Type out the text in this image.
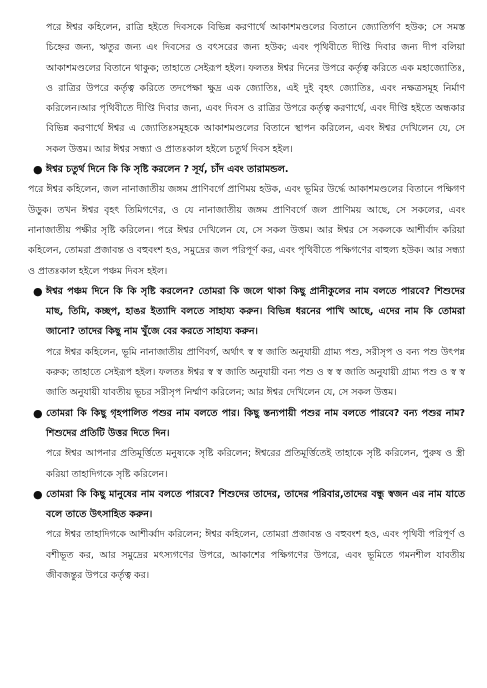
পরে ঈশ্বর কহিলেন, রাত্রি হইতে দিবসকে বিভিন্ন করণার্থে আকাশমণ্ডলের বিতানে জ্যোতির্গণ হউক; সে সমস্ত চিহ্নের জন্য, ঋতুর জন্য এং দিবসের ও বৎসরের জন্য হউক; এবং পৃথিবীতে দীপ্তি দিবার জন্য দীপ বলিয়া আকাশমণ্ডলের বিতানে থাকুক; তাহাতে সেইরূপ হইল। ফলতঃ ঈশ্বর দিনের উপরে কর্তৃত্ব করিতে এক মহাজ্যোতিঃ, ও রাত্রির উপরে কর্তৃত্ব করিতে তদপেক্ষা ক্ষুদ্র এক জ্যোতিঃ, এই দুই বৃহৎ জ্যোতিঃ, এবং নক্ষত্রসমূহ নির্মাণ করিলেন।আর পৃথিবীতে দীপ্তি দিবার জন্য, এবং দিবস ও রাত্রির উপরে কর্তৃত্ব করণার্থে, এবং দীপ্তি হইতে অন্ধকার বিভিন্ন করণার্থে ঈশ্বর এ জ্যোতিঃসমূহকে আকাশমণ্ডলের বিতানে স্থাপন করিলেন, এবং ঈশ্বর দেখিলেন যে, সে সকল উত্তম। আর ঈশ্বর সন্ধ্যা ও প্রাতঃকাল হইলে চতুর্থ দিবস হইল।

● ঈশ্বর চতুর্থ দিনে কি কি সৃষ্টি করলেন ? সূর্য, চাঁদ এবং তারামন্ডল.

পরে ঈশ্বর কহিলেন, জল নানাজাতীয় জঙ্গম প্রাণিবর্গে প্রাণিময় হউক, এবং ভূমির উর্দ্ধে আকাশমণ্ডলের বিতানে পক্ষিগণ উড়ুক। তখন ঈশ্বর বৃহৎ তিমিগণের, ও যে নানাজাতীয় জঙ্গম প্রাণিবর্গে জল প্রাণিময় আছে, সে সকলের, এবং নানাজাতীয় পক্ষীর সৃষ্টি করিলেন। পরে ঈশ্বর দেখিলেন যে, সে সকল উত্তম। আর ঈশ্বর সে সকলকে আশীর্বাদ করিয়া কহিলেন, তোমরা প্রজাবন্ত ও বহুবংশ হও, সমুদ্রের জল পরিপূর্ণ কর, এবং পৃথিবীতে পক্ষিগণের বাহুল্য হউক। আর সন্ধ্যা ও প্রাতঃকাল হইলে পঞ্চম দিবস হইল।

● ঈশ্বর পঞ্চম দিনে কি কি সৃষ্টি করলেন? তোমরা কি জলে থাকা কিছু প্রানীকুলের নাম বলতে পারবে? শিশুদের মাছ, তিমি, কচ্ছপ, হাঙর ইত্যাদি বলতে সাহায্য করুন। বিভিন্ন ধরনের পাখি আছে, এদের নাম কি তোমরা জানো? তাদের কিছু নাম খুঁজে বের করতে সাহায্য করুন।

পরে ঈশ্বর কহিলেন, ভূমি নানাজাতীয় প্রাণিবর্গ, অর্থাৎ স্ব স্ব জাতি অনুযায়ী গ্রাম্য পশু, সরীসৃপ ও বন্য পশু উৎপন্ন করুক; তাহাতে সেইরূপ হইল। ফলতঃ ঈশ্বর স্ব স্ব জাতি অনুযায়ী বন্য পশু ও স্ব স্ব জাতি অনুযায়ী গ্রাম্য পশু ও স্ব স্ব জাতি অনুযায়ী যাবতীয় ভূচর সরীসৃপ নির্ম্মাণ করিলেন; আর ঈশ্বর দেখিলেন যে, সে সকল উত্তম।

● তোমরা কি কিছু গৃহপালিত পশুর নাম বলতে পার। কিছু স্তন্যপায়ী পশুর নাম বলতে পারবে? বন্য পশুর নাম? শিশুদের প্রতিটি উত্তর দিতে দিন।

পরে ঈশ্বর আপনার প্রতিমূর্ত্তিতে মনুষ্যকে সৃষ্টি করিলেন; ঈশ্বরের প্রতিমূর্ত্তিতেই তাহাকে সৃষ্টি করিলেন, পুরুষ ও স্ত্রী করিয়া তাহাদিগকে সৃষ্টি করিলেন।

● তোমরা কি কিছু মানুষের নাম বলতে পারবে? শিশুদের তাদের, তাদের পরিবার,তাদের বন্ধু স্বজন এর নাম যাতে বলে তাতে উৎসাহিত করুন।

পরে ঈশ্বর তাহাদিগকে আশীর্ব্বাদ করিলেন; ঈশ্বর কহিলেন, তোমরা প্রজাবন্ত ও বহুবংশ হও, এবং পৃথিবী পরিপূর্ণ ও বশীভূত কর, আর সমুদ্রের মৎস্যগণের উপরে, আকাশের পক্ষিগণের উপরে, এবং ভূমিতে গমনশীল যাবতীয় জীবজন্তুর উপরে কর্তৃত্ব কর।
